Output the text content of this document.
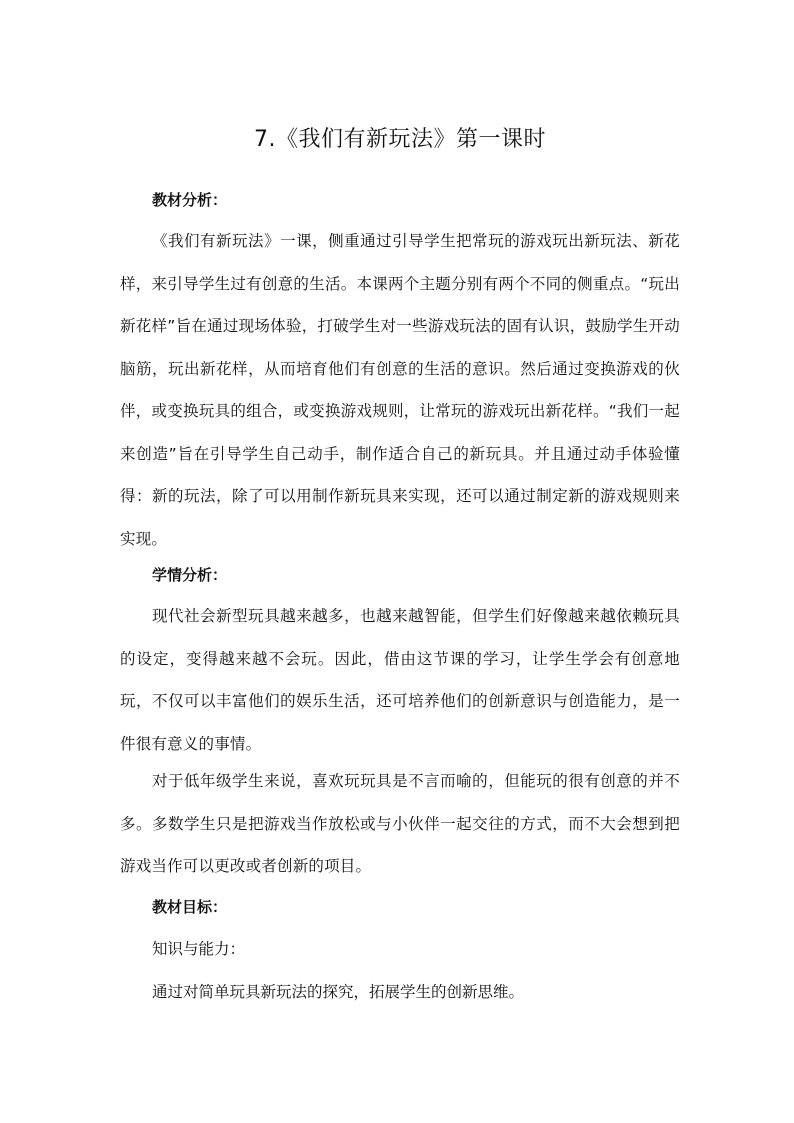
7.《我们有新玩法》第一课时
教材分析：
《我们有新玩法》一课，侧重通过引导学生把常玩的游戏玩出新玩法、新花样，来引导学生过有创意的生活。本课两个主题分别有两个不同的侧重点。“玩出新花样”旨在通过现场体验，打破学生对一些游戏玩法的固有认识，鼓励学生开动脑筋，玩出新花样，从而培育他们有创意的生活的意识。然后通过变换游戏的伙伴，或变换玩具的组合，或变换游戏规则，让常玩的游戏玩出新花样。“我们一起来创造”旨在引导学生自己动手，制作适合自己的新玩具。并且通过动手体验懂得：新的玩法，除了可以用制作新玩具来实现，还可以通过制定新的游戏规则来实现。
学情分析：
现代社会新型玩具越来越多，也越来越智能，但学生们好像越来越依赖玩具的设定，变得越来越不会玩。因此，借由这节课的学习，让学生学会有创意地玩，不仅可以丰富他们的娱乐生活，还可培养他们的创新意识与创造能力，是一件很有意义的事情。
对于低年级学生来说，喜欢玩玩具是不言而喻的，但能玩的很有创意的并不多。多数学生只是把游戏当作放松或与小伙伴一起交往的方式，而不大会想到把游戏当作可以更改或者创新的项目。
教材目标：
知识与能力：
通过对简单玩具新玩法的探究，拓展学生的创新思维。
